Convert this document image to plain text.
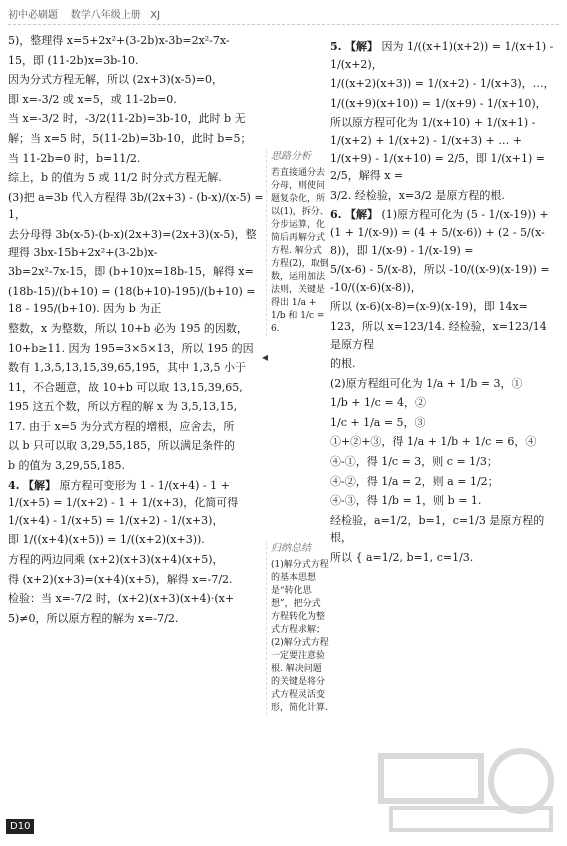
初中必刷题 数学八年级上册 XJ

5)，整理得 x=5+2x²+(3-2b)x-3b=2x²-7x-

15，即 (11-2b)x=3b-10.

因为分式方程无解，所以 (2x+3)(x-5)=0，

即 x=-3/2 或 x=5，或 11-2b=0.

当 x=-3/2 时，-3/2(11-2b)=3b-10，此时 b 无

解；当 x=5 时，5(11-2b)=3b-10，此时 b=5；

当 11-2b=0 时，b=11/2.

综上，b 的值为 5 或 11/2 时分式方程无解.

(3)把 a=3b 代入方程得 3b/(2x+3) - (b-x)/(x-5) = 1，

去分母得 3b(x-5)-(b-x)(2x+3)=(2x+3)(x-5)，整理得 3bx-15b+2x²+(3-2b)x-

3b=2x²-7x-15，即 (b+10)x=18b-15，解得 x=

(18b-15)/(b+10) = (18(b+10)-195)/(b+10) = 18 - 195/(b+10). 因为 b 为正

整数，x 为整数，所以 10+b 必为 195 的因数，

10+b≥11. 因为 195=3×5×13，所以 195 的因

数有 1,3,5,13,15,39,65,195，其中 1,3,5 小于

11，不合题意，故 10+b 可以取 13,15,39,65,

195 这五个数，所以方程的解 x 为 3,5,13,15,

17. 由于 x=5 为分式方程的增根，应舍去，所

以 b 只可以取 3,29,55,185，所以满足条件的

b 的值为 3,29,55,185.

4. 【解】 原方程可变形为 1 - 1/(x+4) - 1 + 1/(x+5) = 1/(x+2) - 1 + 1/(x+3)，化简可得 1/(x+4) - 1/(x+5) = 1/(x+2) - 1/(x+3)，

即 1/((x+4)(x+5)) = 1/((x+2)(x+3)).

方程的两边同乘 (x+2)(x+3)(x+4)(x+5)，

得 (x+2)(x+3)=(x+4)(x+5)，解得 x=-7/2.

检验：当 x=-7/2 时，(x+2)(x+3)(x+4)·(x+

5)≠0，所以原方程的解为 x=-7/2.

思路分析
若直接通分去分母，则使问题复杂化，所以(1)，拆分、分步运算，化简后再解分式方程. 解分式方程(2)，取倒数，运用加法法则，关键是得出 1/a + 1/b 和 1/c = 6.
归纳总结
(1)解分式方程的基本思想是“转化思想”，把分式方程转化为整式方程求解；(2)解分式方程一定要注意验根. 解决问题的关键是将分式方程灵活变形，简化计算.
◂

5. 【解】 因为 1/((x+1)(x+2)) = 1/(x+1) - 1/(x+2)，

1/((x+2)(x+3)) = 1/(x+2) - 1/(x+3)，…，

1/((x+9)(x+10)) = 1/(x+9) - 1/(x+10)，

所以原方程可化为 1/(x+10) + 1/(x+1) - 1/(x+2) + 1/(x+2) - 1/(x+3) + … + 1/(x+9) - 1/(x+10) = 2/5，即 1/(x+1) = 2/5，解得 x =

3/2. 经检验，x=3/2 是原方程的根.

6. 【解】 (1)原方程可化为 (5 - 1/(x-19)) + (1 + 1/(x-9)) = (4 + 5/(x-6)) + (2 - 5/(x-8))，即 1/(x-9) - 1/(x-19) =

5/(x-6) - 5/(x-8)，所以 -10/((x-9)(x-19)) = -10/((x-6)(x-8))，

所以 (x-6)(x-8)=(x-9)(x-19)，即 14x=

123，所以 x=123/14. 经检验，x=123/14 是原方程

的根.

(2)原方程组可化为 1/a + 1/b = 3，①

1/b + 1/c = 4，②

1/c + 1/a = 5，③

①+②+③，得 1/a + 1/b + 1/c = 6，④

④-①，得 1/c = 3，则 c = 1/3；

④-②，得 1/a = 2，则 a = 1/2；

④-③，得 1/b = 1，则 b = 1.

经检验，a=1/2，b=1，c=1/3 是原方程的根，

所以 { a=1/2, b=1, c=1/3.

D10
